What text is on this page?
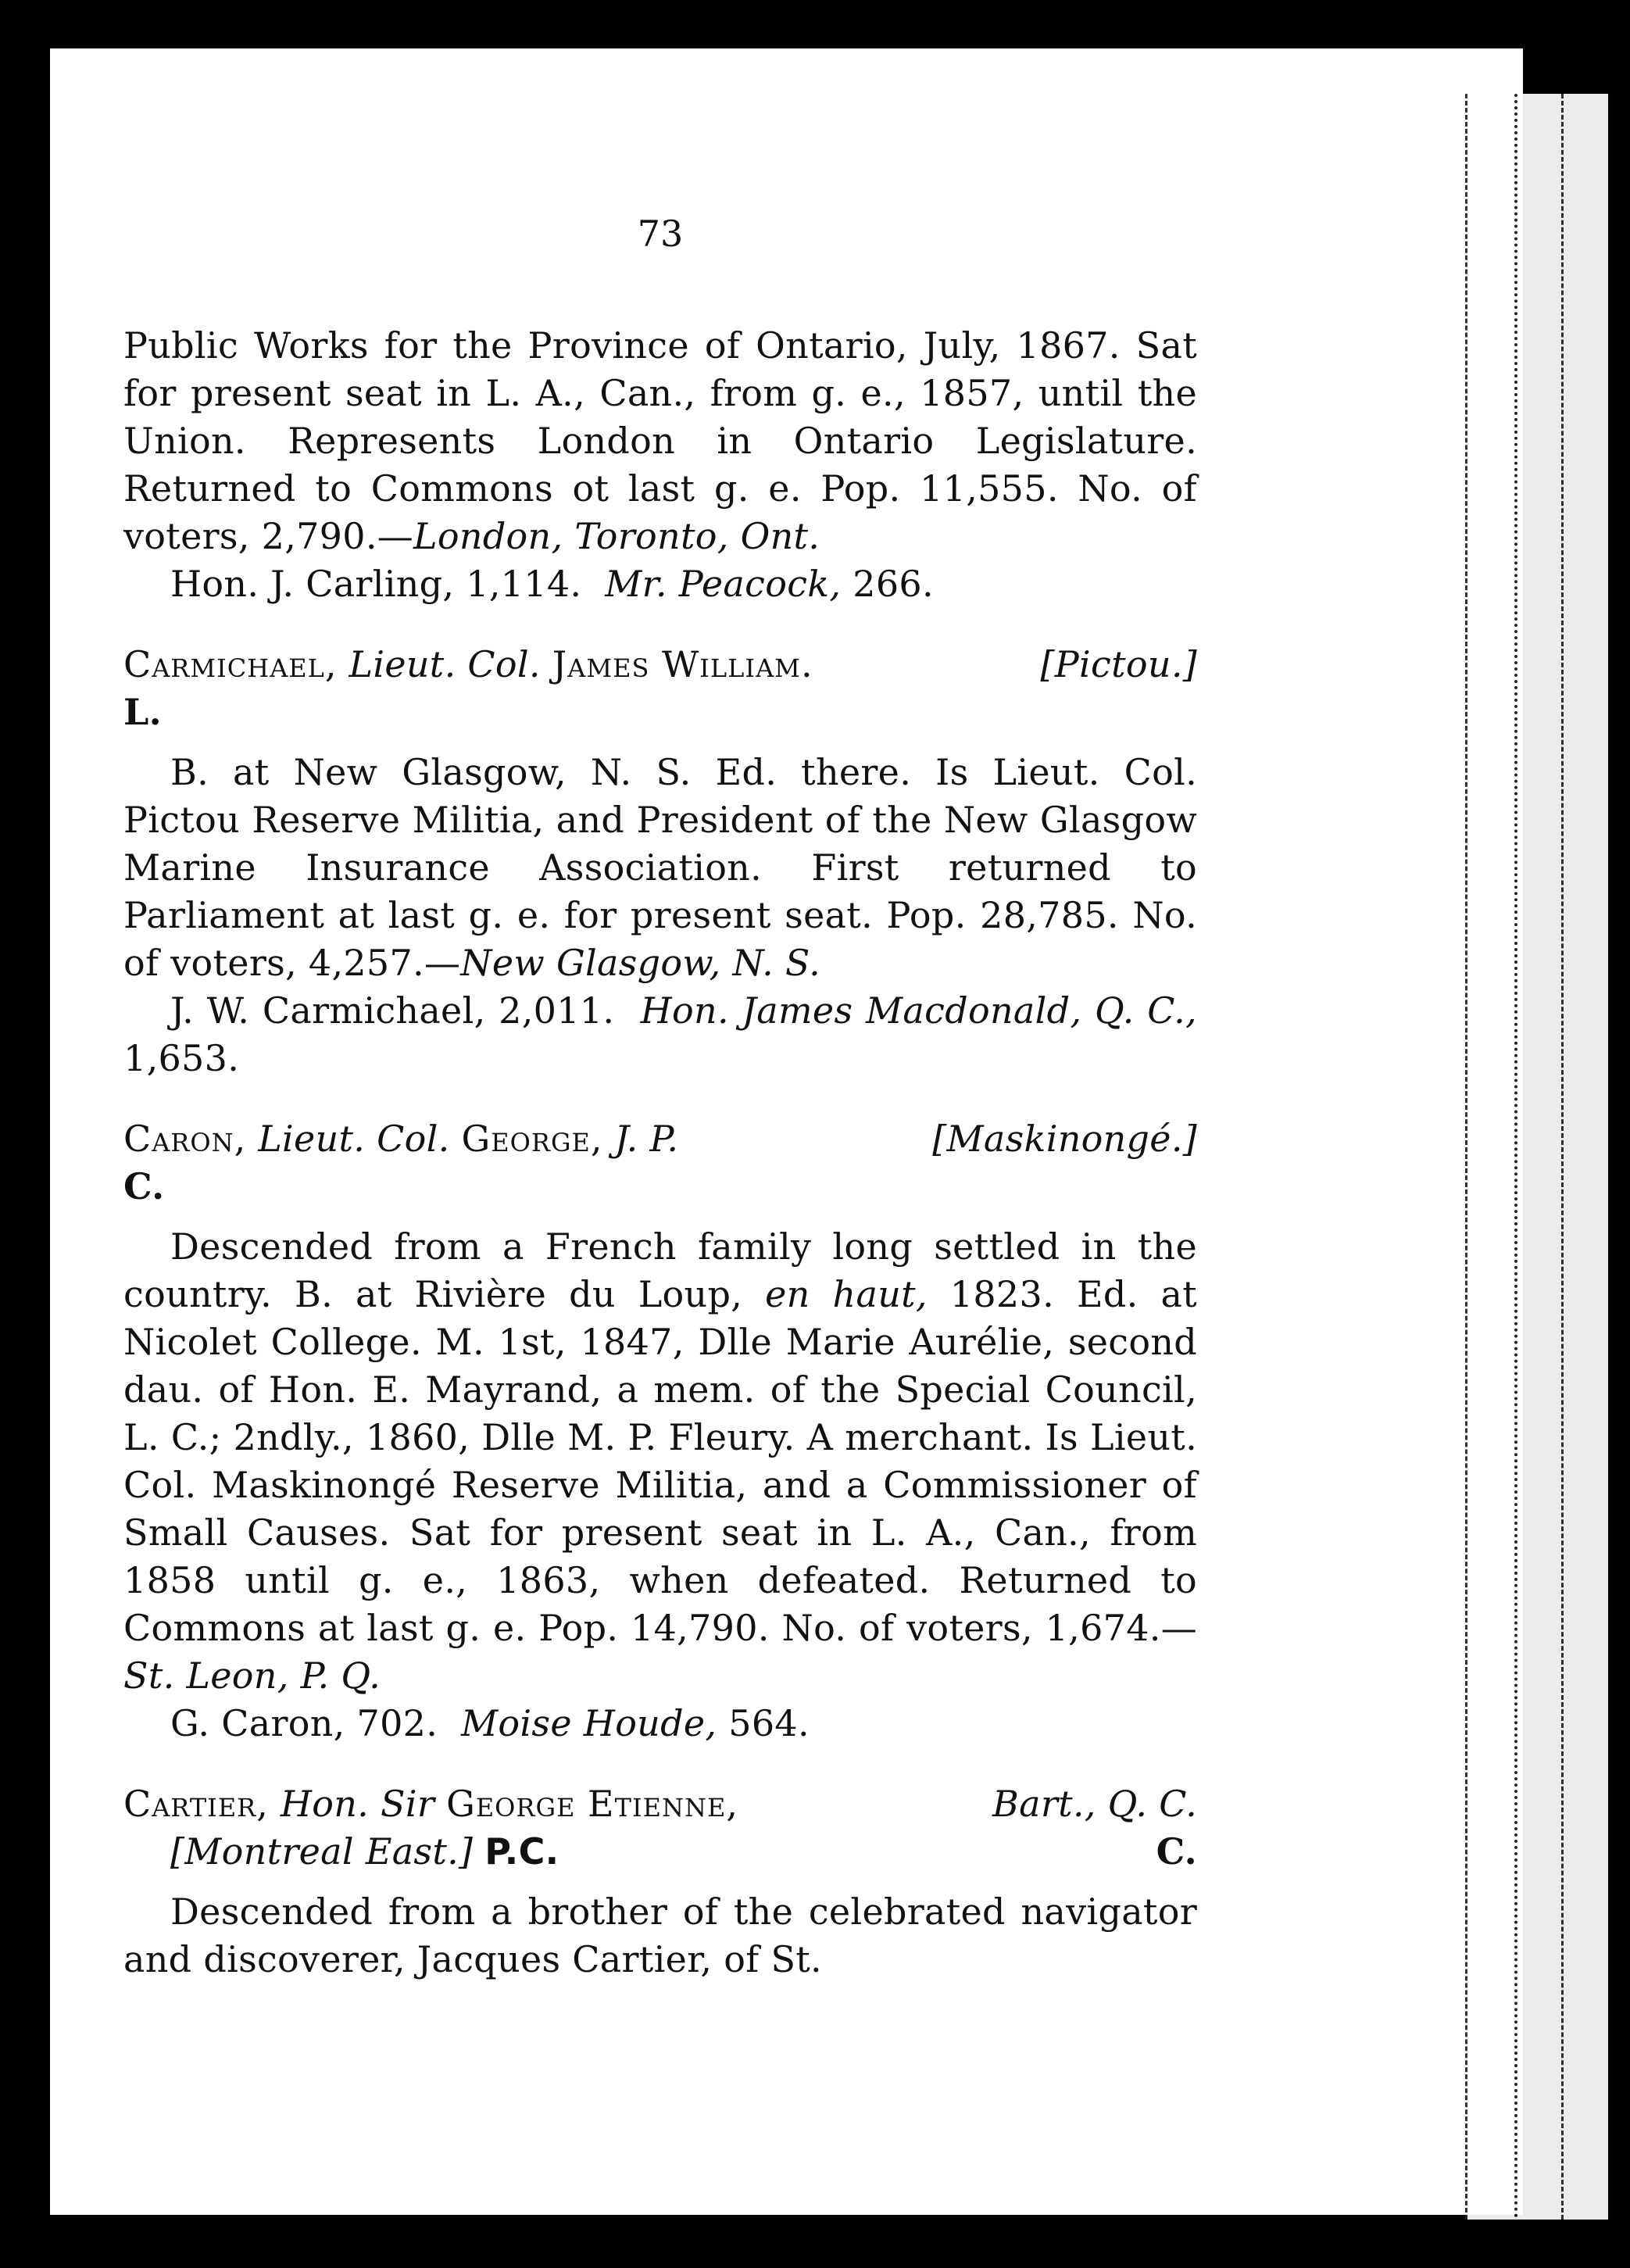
73

Public Works for the Province of Ontario, July, 1867. Sat for present seat in L. A., Can., from g. e., 1857, until the Union. Represents London in Ontario Legislature. Returned to Commons ot last g. e. Pop. 11,555. No. of voters, 2,790.—London, Toronto, Ont.

Hon. J. Carling, 1,114. Mr. Peacock, 266.

Carmichael, Lieut. Col. James William.	[Pictou.]

L.

B. at New Glasgow, N. S. Ed. there. Is Lieut. Col. Pictou Reserve Militia, and President of the New Glasgow Marine Insurance Association. First returned to Parliament at last g. e. for present seat. Pop. 28,785. No. of voters, 4,257.—New Glasgow, N. S.

J. W. Carmichael, 2,011. Hon. James Macdonald, Q. C., 1,653.

Caron, Lieut. Col. George, J. P.	[Maskinongé.]

C.

Descended from a French family long settled in the country. B. at Rivière du Loup, en haut, 1823. Ed. at Nicolet College. M. 1st, 1847, Dlle Marie Aurélie, second dau. of Hon. E. Mayrand, a mem. of the Special Council, L. C.; 2ndly., 1860, Dlle M. P. Fleury. A merchant. Is Lieut. Col. Maskinongé Reserve Militia, and a Commissioner of Small Causes. Sat for present seat in L. A., Can., from 1858 until g. e., 1863, when defeated. Returned to Commons at last g. e. Pop. 14,790. No. of voters, 1,674.—St. Leon, P. Q.

G. Caron, 702. Moise Houde, 564.

Cartier, Hon. Sir George Etienne,	Bart., Q. C.

[Montreal East.] P.C.	C.

Descended from a brother of the celebrated navigator and discoverer, Jacques Cartier, of St.
